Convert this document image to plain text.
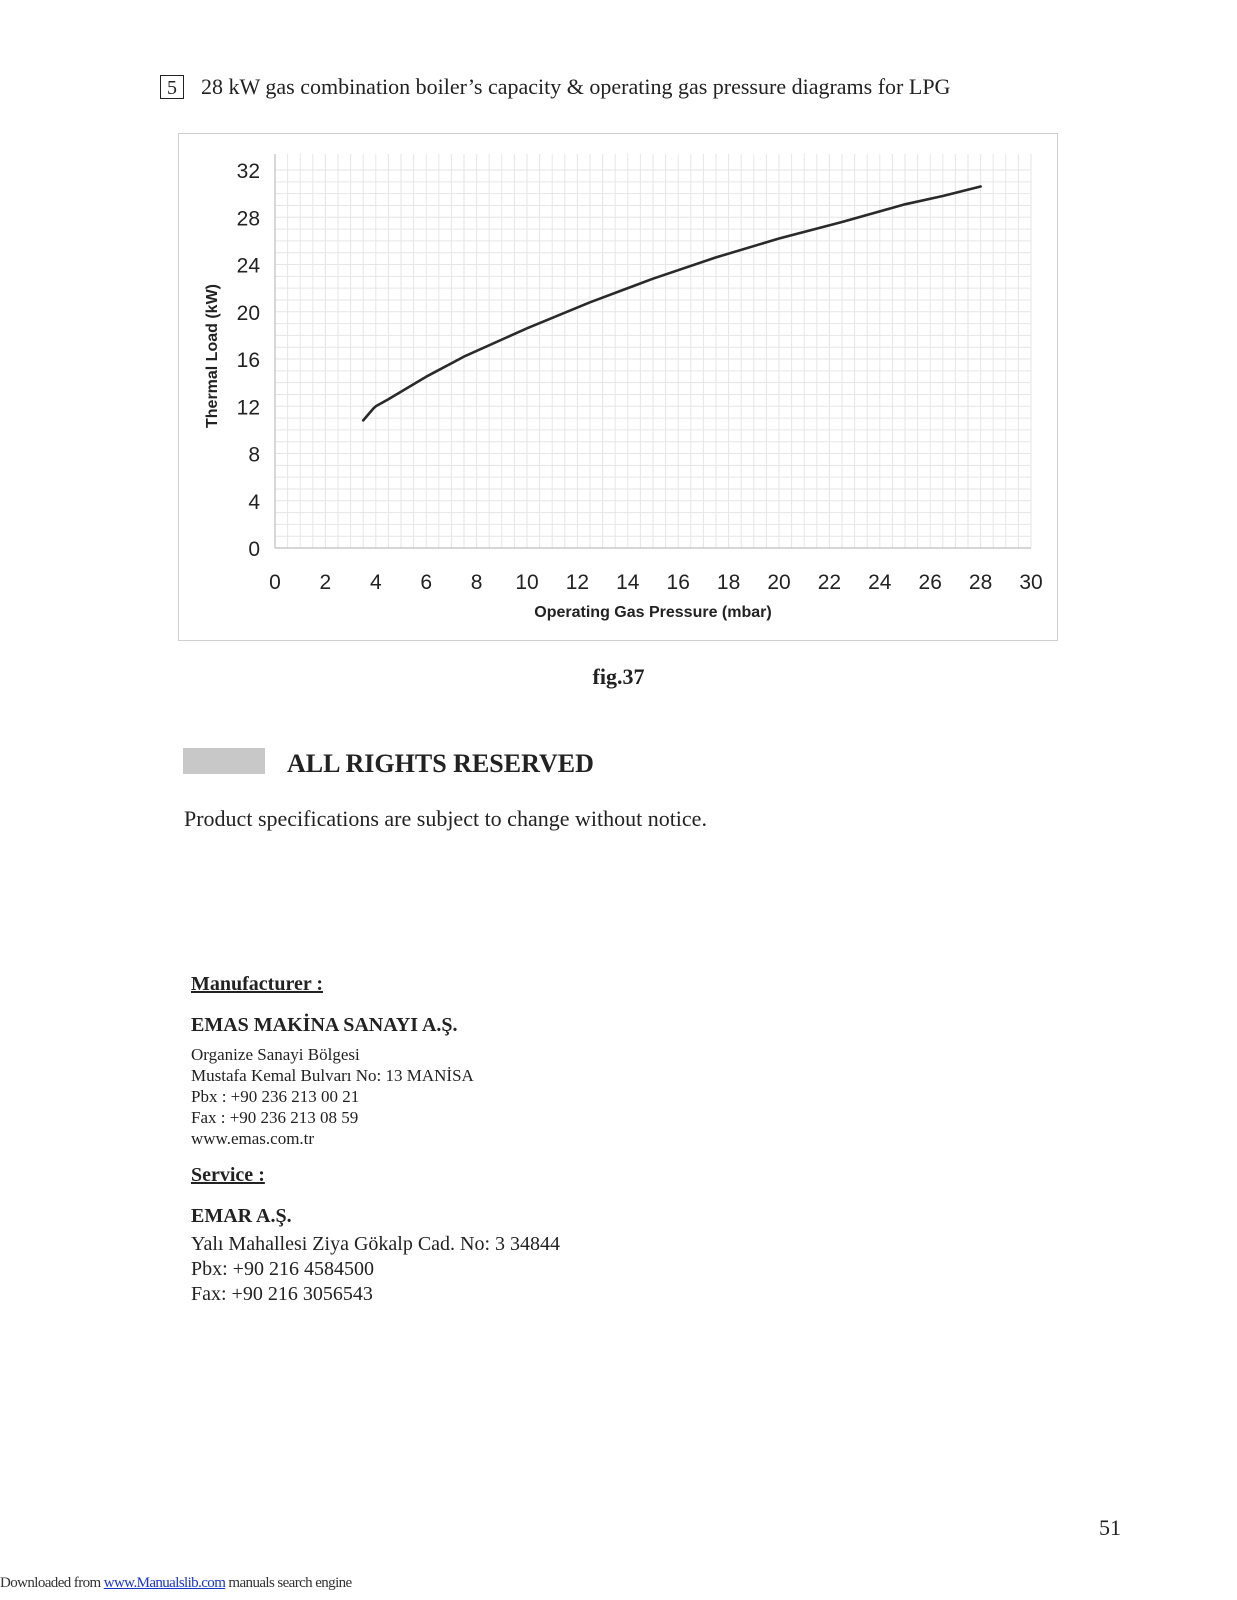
5	28 kW gas combination boiler’s capacity & operating gas pressure diagrams for LPG
0 2 4 6 8 10 12 14 16 18 20 22 24 26 28 30
0
4
8
12
16
20
24
28
32
Operating Gas Pressure (mbar)
Thermal Load (kW)
fig.37
ALL RIGHTS RESERVED
Product specifications are subject to change without notice.
Manufacturer :
EMAS MAKİNA SANAYI A.Ş.
Organize Sanayi Bölgesi
Mustafa Kemal Bulvarı No: 13 MANİSA
Pbx : +90 236 213 00 21
Fax : +90 236 213 08 59
www.emas.com.tr
Service :
EMAR A.Ş.
Yalı Mahallesi Ziya Gökalp Cad. No: 3 34844
Pbx: +90 216 4584500
Fax: +90 216 3056543
51
Downloaded from www.Manualslib.com manuals search engine
